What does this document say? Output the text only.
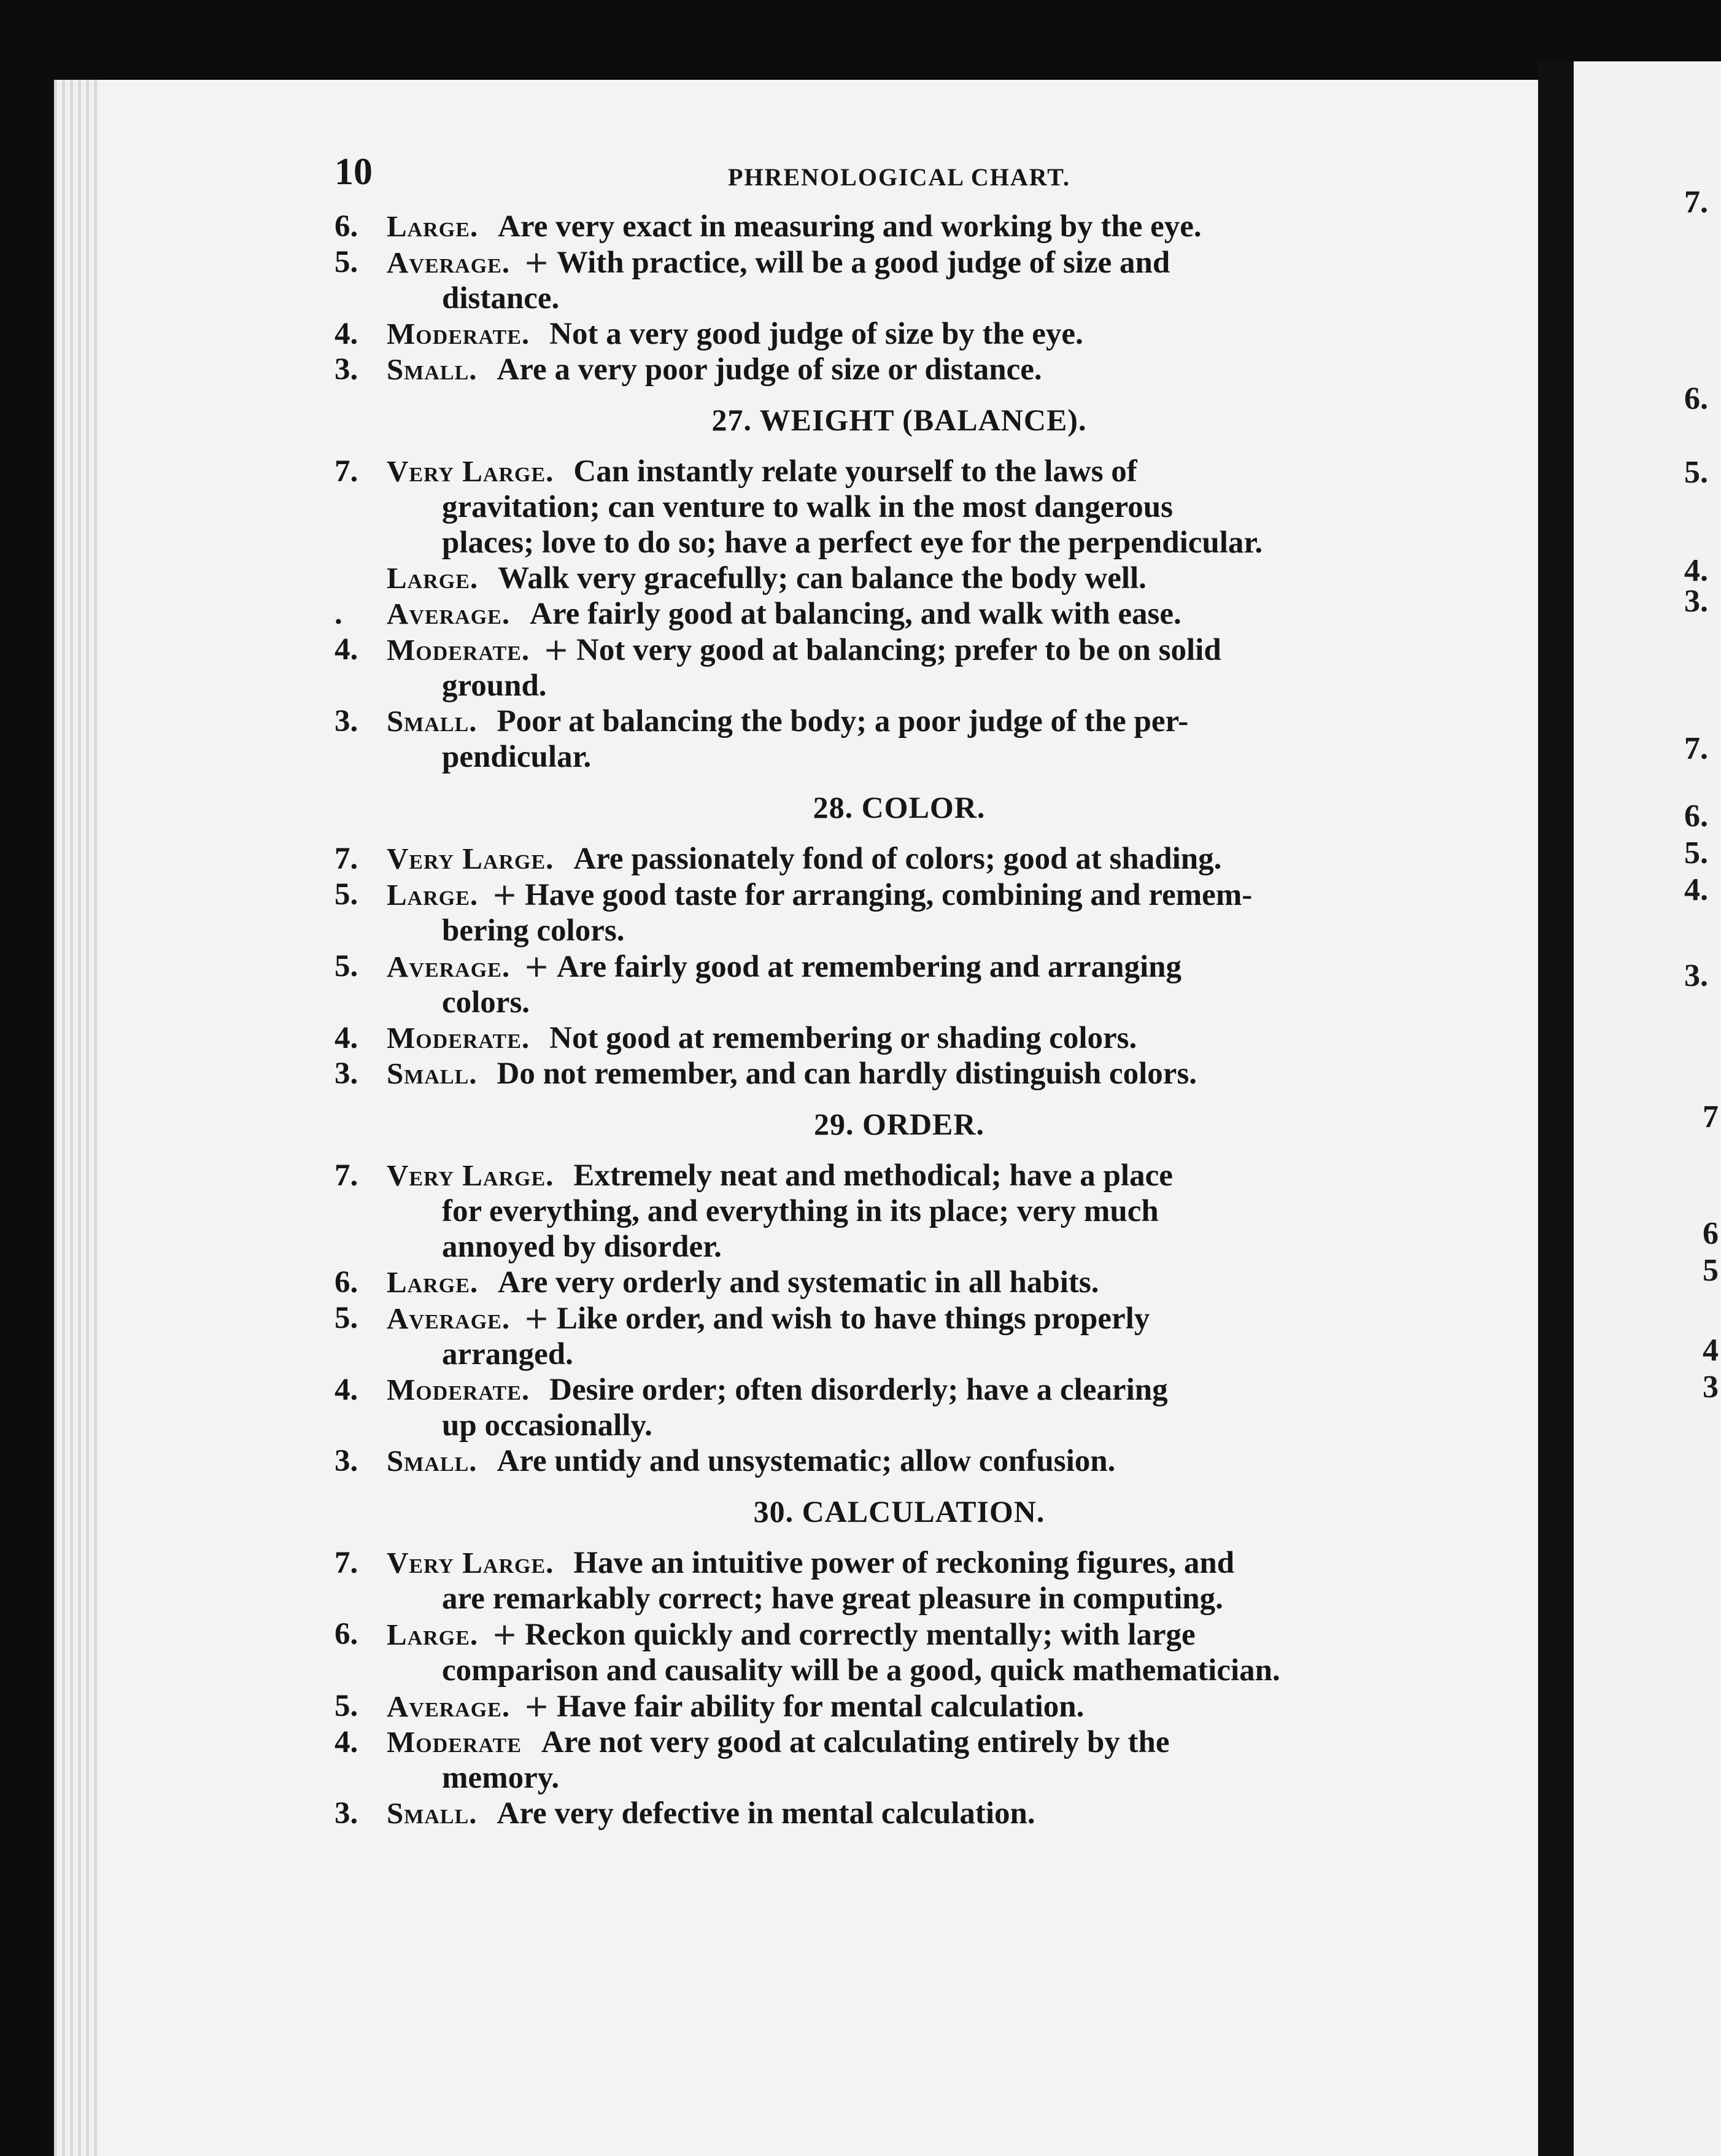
7.
6.
5.
4.
3.
7.
6.
5.
4.
3.
7
6
5
4
3
10	PHRENOLOGICAL CHART.
6. Large. Are very exact in measuring and working by the eye.
5. Average. + With practice, will be a good judge of size and
distance.
4. Moderate. Not a very good judge of size by the eye.
3. Small. Are a very poor judge of size or distance.
27. WEIGHT (BALANCE).
7. Very Large. Can instantly relate yourself to the laws of
gravitation; can venture to walk in the most dangerous
places; love to do so; have a perfect eye for the perpendicular.
Large. Walk very gracefully; can balance the body well.
.	Average. Are fairly good at balancing, and walk with ease.
4. Moderate. + Not very good at balancing; prefer to be on solid
ground.
3. Small. Poor at balancing the body; a poor judge of the per-
pendicular.
28. COLOR.
7. Very Large. Are passionately fond of colors; good at shading.
5. Large. + Have good taste for arranging, combining and remem-
bering colors.
5. Average. + Are fairly good at remembering and arranging
colors.
4. Moderate. Not good at remembering or shading colors.
3. Small. Do not remember, and can hardly distinguish colors.
29. ORDER.
7. Very Large. Extremely neat and methodical; have a place
for everything, and everything in its place; very much
annoyed by disorder.
6. Large. Are very orderly and systematic in all habits.
5. Average. + Like order, and wish to have things properly
arranged.
4. Moderate. Desire order; often disorderly; have a clearing
up occasionally.
3. Small. Are untidy and unsystematic; allow confusion.
30. CALCULATION.
7. Very Large. Have an intuitive power of reckoning figures, and
are remarkably correct; have great pleasure in computing.
6. Large. + Reckon quickly and correctly mentally; with large
comparison and causality will be a good, quick mathematician.
5. Average. + Have fair ability for mental calculation.
4. Moderate Are not very good at calculating entirely by the
memory.
3. Small. Are very defective in mental calculation.
